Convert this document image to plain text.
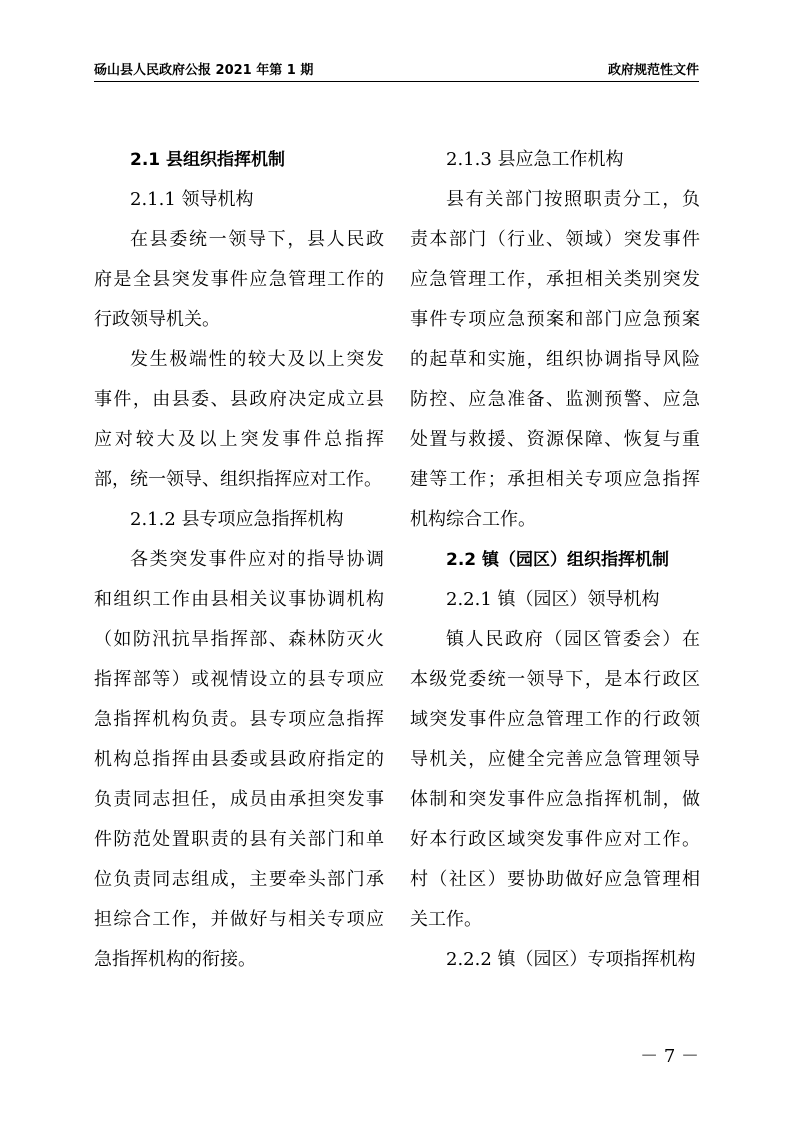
砀山县人民政府公报 2021 年第 1 期	政府规范性文件
2.1 县组织指挥机制
2.1.1 领导机构
在县委统一领导下，县人民政
府是全县突发事件应急管理工作的
行政领导机关。
发生极端性的较大及以上突发
事件，由县委、县政府决定成立县
应对较大及以上突发事件总指挥
部，统一领导、组织指挥应对工作。
2.1.2 县专项应急指挥机构
各类突发事件应对的指导协调
和组织工作由县相关议事协调机构
（如防汛抗旱指挥部、森林防灭火
指挥部等）或视情设立的县专项应
急指挥机构负责。县专项应急指挥
机构总指挥由县委或县政府指定的
负责同志担任，成员由承担突发事
件防范处置职责的县有关部门和单
位负责同志组成，主要牵头部门承
担综合工作，并做好与相关专项应
急指挥机构的衔接。
2.1.3 县应急工作机构
县有关部门按照职责分工，负
责本部门（行业、领域）突发事件
应急管理工作，承担相关类别突发
事件专项应急预案和部门应急预案
的起草和实施，组织协调指导风险
防控、应急准备、监测预警、应急
处置与救援、资源保障、恢复与重
建等工作；承担相关专项应急指挥
机构综合工作。
2.2 镇（园区）组织指挥机制
2.2.1 镇（园区）领导机构
镇人民政府（园区管委会）在
本级党委统一领导下，是本行政区
域突发事件应急管理工作的行政领
导机关，应健全完善应急管理领导
体制和突发事件应急指挥机制，做
好本行政区域突发事件应对工作。
村（社区）要协助做好应急管理相
关工作。
2.2.2 镇（园区）专项指挥机构
－ 7 －
